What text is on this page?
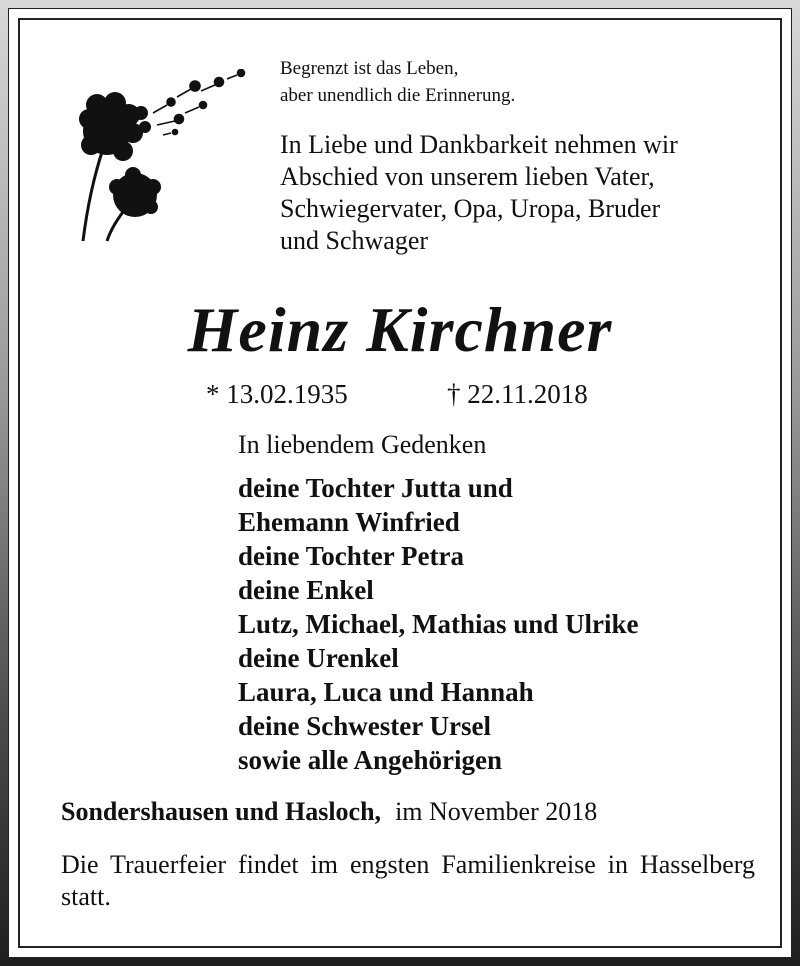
Begrenzt ist das Leben,
aber unendlich die Erinnerung.

In Liebe und Dankbarkeit nehmen wir
Abschied von unserem lieben Vater,
Schwiegervater, Opa, Uropa, Bruder
und Schwager

Heinz Kirchner
* 13.02.1935	† 22.11.2018

In liebendem Gedenken

deine Tochter Jutta und
Ehemann Winfried
deine Tochter Petra
deine Enkel
Lutz, Michael, Mathias und Ulrike
deine Urenkel
Laura, Luca und Hannah
deine Schwester Ursel
sowie alle Angehörigen
Sondershausen und Hasloch, im November 2018

Die Trauerfeier findet im engsten Familienkreise in Hasselberg statt.
